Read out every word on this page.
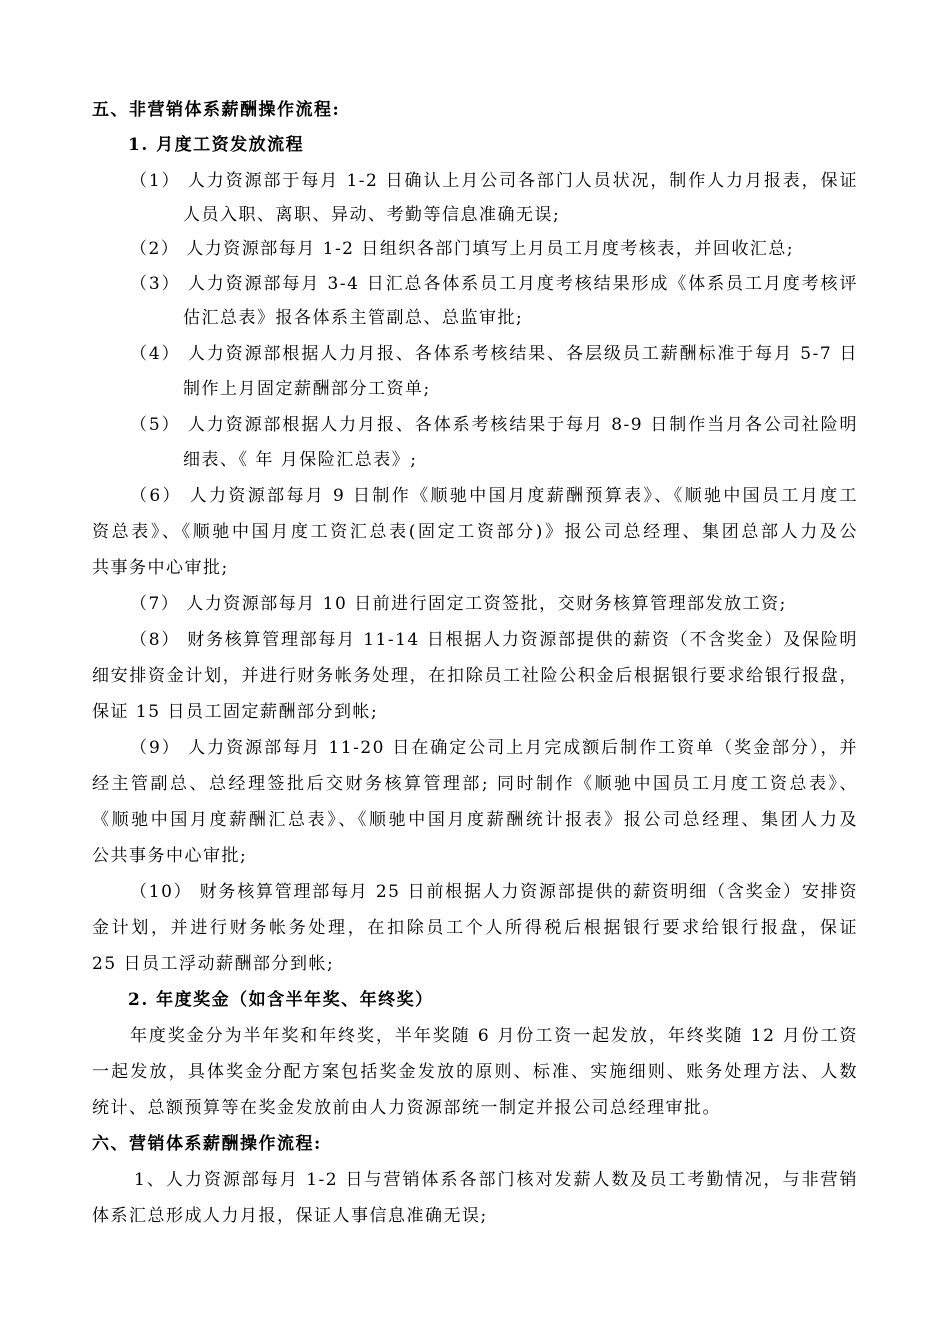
五、非营销体系薪酬操作流程:
1. 月度工资发放流程
（1） 人力资源部于每月 1-2 日确认上月公司各部门人员状况，制作人力月报表，保证
人员入职、离职、异动、考勤等信息准确无误;
（2） 人力资源部每月 1-2 日组织各部门填写上月员工月度考核表，并回收汇总;
（3） 人力资源部每月 3-4 日汇总各体系员工月度考核结果形成《体系员工月度考核评
估汇总表》报各体系主管副总、总监审批;
（4） 人力资源部根据人力月报、各体系考核结果、各层级员工薪酬标准于每月 5-7 日
制作上月固定薪酬部分工资单;
（5） 人力资源部根据人力月报、各体系考核结果于每月 8-9 日制作当月各公司社险明
细表、《 年 月保险汇总表》;
（6） 人力资源部每月 9 日制作《顺驰中国月度薪酬预算表》、《顺驰中国员工月度工
资总表》、《顺驰中国月度工资汇总表(固定工资部分)》报公司总经理、集团总部人力及公
共事务中心审批;
（7） 人力资源部每月 10 日前进行固定工资签批，交财务核算管理部发放工资;
（8） 财务核算管理部每月 11-14 日根据人力资源部提供的薪资（不含奖金）及保险明
细安排资金计划，并进行财务帐务处理，在扣除员工社险公积金后根据银行要求给银行报盘，
保证 15 日员工固定薪酬部分到帐;
（9） 人力资源部每月 11-20 日在确定公司上月完成额后制作工资单（奖金部分），并
经主管副总、总经理签批后交财务核算管理部; 同时制作《顺驰中国员工月度工资总表》、
《顺驰中国月度薪酬汇总表》、《顺驰中国月度薪酬统计报表》报公司总经理、集团人力及
公共事务中心审批;
（10） 财务核算管理部每月 25 日前根据人力资源部提供的薪资明细（含奖金）安排资
金计划，并进行财务帐务处理，在扣除员工个人所得税后根据银行要求给银行报盘，保证
25 日员工浮动薪酬部分到帐;
2. 年度奖金（如含半年奖、年终奖）
年度奖金分为半年奖和年终奖，半年奖随 6 月份工资一起发放，年终奖随 12 月份工资
一起发放，具体奖金分配方案包括奖金发放的原则、标准、实施细则、账务处理方法、人数
统计、总额预算等在奖金发放前由人力资源部统一制定并报公司总经理审批。
六、营销体系薪酬操作流程:
1、人力资源部每月 1-2 日与营销体系各部门核对发薪人数及员工考勤情况，与非营销
体系汇总形成人力月报，保证人事信息准确无误;
